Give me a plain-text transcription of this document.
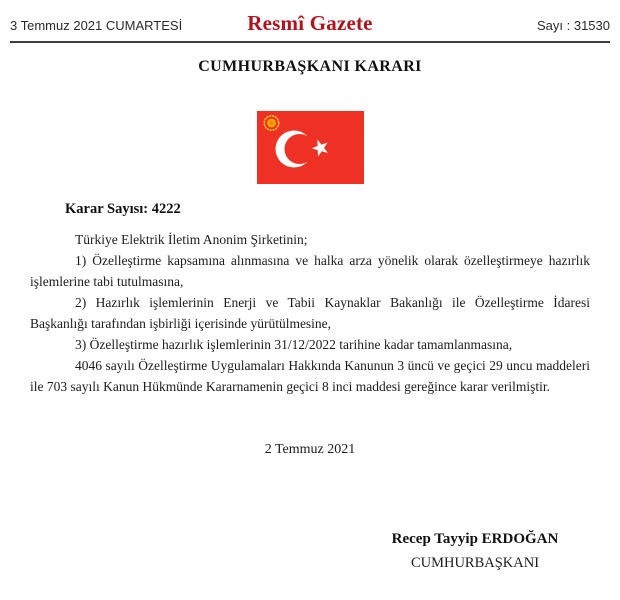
3 Temmuz 2021 CUMARTESİ	Resmî Gazete	Sayı : 31530
CUMHURBAŞKANI KARARI
Karar Sayısı: 4222

Türkiye Elektrik İletim Anonim Şirketinin;

1) Özelleştirme kapsamına alınmasına ve halka arza yönelik olarak özelleştirmeye hazırlık işlemlerine tabi tutulmasına,

2) Hazırlık işlemlerinin Enerji ve Tabii Kaynaklar Bakanlığı ile Özelleştirme İdaresi Başkanlığı tarafından işbirliği içerisinde yürütülmesine,

3) Özelleştirme hazırlık işlemlerinin 31/12/2022 tarihine kadar tamamlanmasına,

4046 sayılı Özelleştirme Uygulamaları Hakkında Kanunun 3 üncü ve geçici 29 uncu maddeleri ile 703 sayılı Kanun Hükmünde Kararnamenin geçici 8 inci maddesi gereğince karar verilmiştir.

2 Temmuz 2021
Recep Tayyip ERDOĞAN
CUMHURBAŞKANI
